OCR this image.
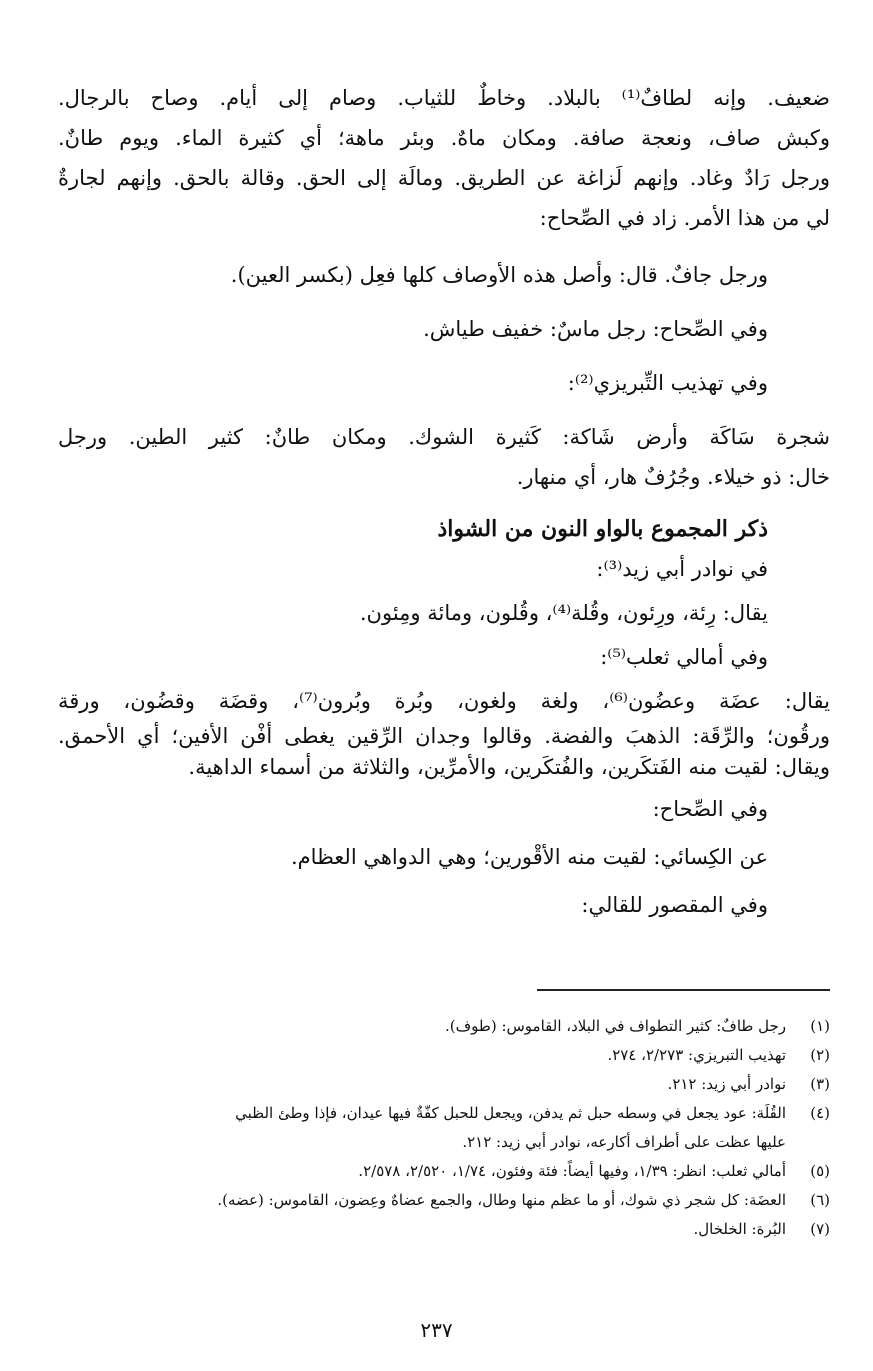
ضعيف. وإنه لطافٌ⁽¹⁾ بالبلاد. وخاطٌ للثياب. وصام إلى أيام. وصاح بالرجال.

وكبش صاف، ونعجة صافة. ومكان ماهٌ. وبئر ماهة؛ أي كثيرة الماء. ويوم طانٌ.

ورجل رَادٌ وغاد. وإنهم لَزاغة عن الطريق. ومالَة إلى الحق. وقالة بالحق. وإنهم لجارةٌ

لي من هذا الأمر. زاد في الصِّحاح:

ورجل جافٌ. قال: وأصل هذه الأوصاف كلها فعِل (بكسر العين).

وفي الصِّحاح: رجل ماسٌ: خفيف طياش.

وفي تهذيب التِّبريزي⁽²⁾:

شجرة سَاكَة وأرض شَاكة: كَثيرة الشوك. ومكان طانٌ: كثير الطين. ورجل

خال: ذو خيلاء. وجُرُفٌ هار، أي منهار.

ذكر المجموع بالواو النون من الشواذ

في نوادر أبي زيد⁽³⁾:

يقال: رِئة، ورِئون، وقُلة⁽⁴⁾، وقُلون، ومائة ومِئون.

وفي أمالي ثعلب⁽⁵⁾:

يقال: عضَة وعضُون⁽⁶⁾، ولغة ولغون، وبُرة وبُرون⁽⁷⁾، وقضَة وقضُون، ورقة

ورقُون؛ والرِّقَة: الذهبَ والفضة. وقالوا وجدان الرِّقين يغطى أفْن الأفين؛ أي الأحمق.

ويقال: لقيت منه الفَتكَرين، والفُتكَرين، والأمرِّين، والثلاثة من أسماء الداهية.

وفي الصِّحاح:

عن الكِسائي: لقيت منه الأقْورين؛ وهي الدواهي العظام.

وفي المقصور للقالي:

(١)رجل طافٌ: كثير التطواف في البلاد، القاموس: (طوف).
(٢)تهذيب التبريزي: ٢/٢٧٣، ٢٧٤.
(٣)نوادر أبي زيد: ٢١٢.
(٤)القُلَة: عود يجعل في وسطه حبل ثم يدفن، ويجعل للحبل كفّةٌ فيها عيدان، فإذا وطئ الظبي
عليها عظت على أطراف أكارعه، نوادر أبي زيد: ٢١٢.
(٥)أمالي ثعلب: انظر: ١/٣٩، وفيها أيضاً: فئة وفئون، ١/٧٤، ٢/٥٢٠، ٢/٥٧٨.
(٦)العضَة: كل شجر ذي شوك، أو ما عظم منها وطال، والجمع عضاهٌ وعِضون، القاموس: (عضه).
(٧)البُرة: الخلخال.
٢٣٧
